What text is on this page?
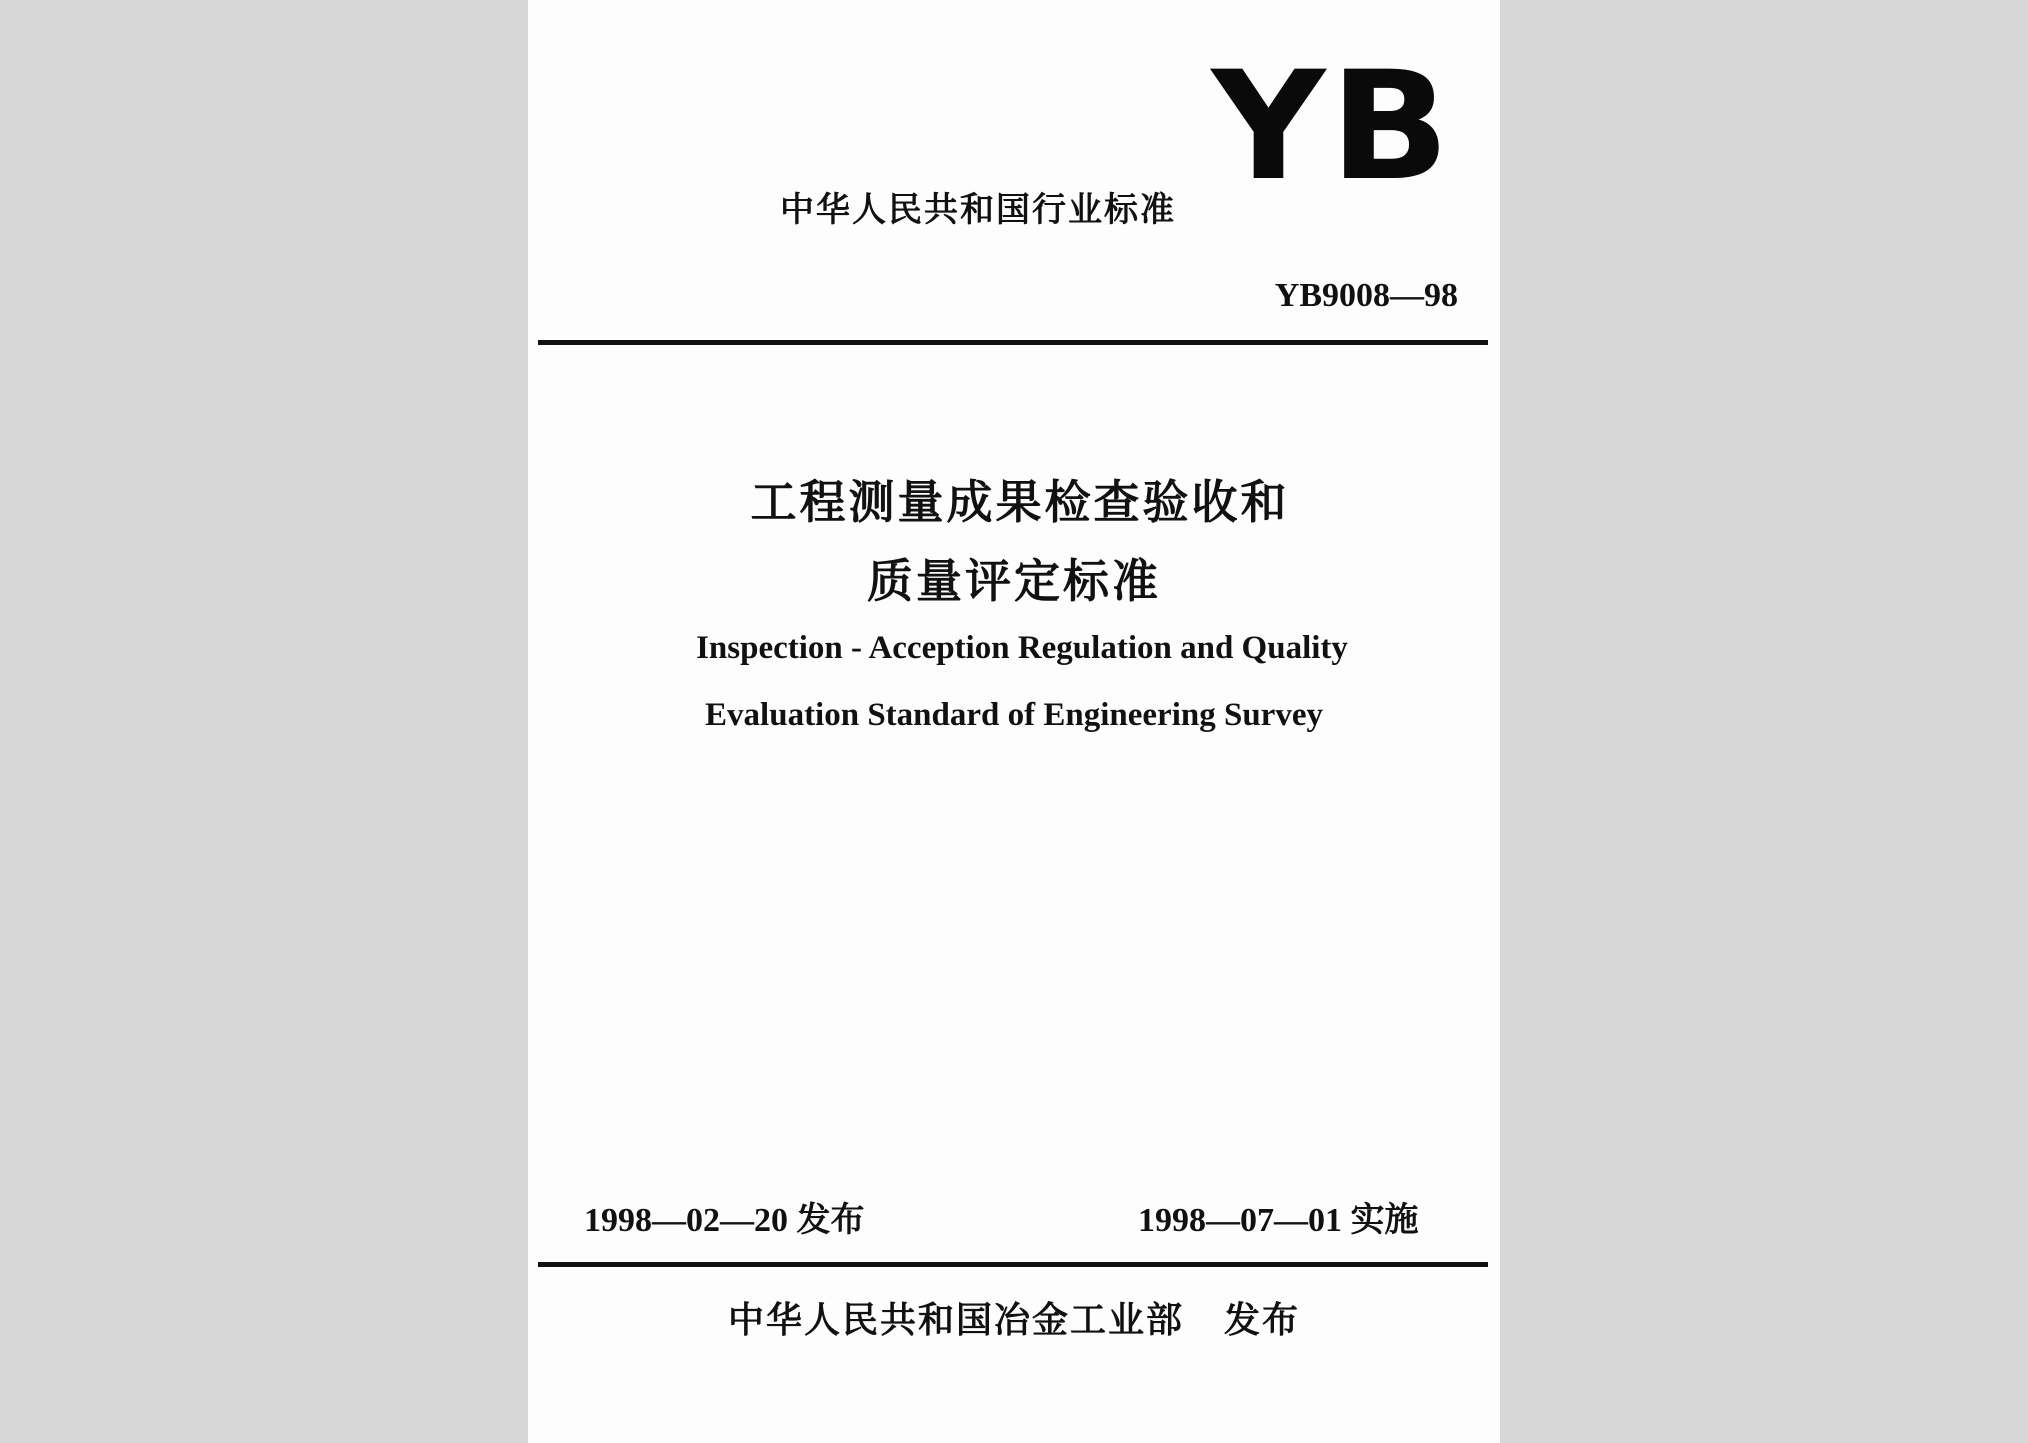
YB
中华人民共和国行业标准
YB9008—98
工程测量成果检查验收和
质量评定标准
Inspection - Acception Regulation and Quality
Evaluation Standard of Engineering Survey
1998—02—20 发布	1998—07—01 实施
中华人民共和国冶金工业部 发布
